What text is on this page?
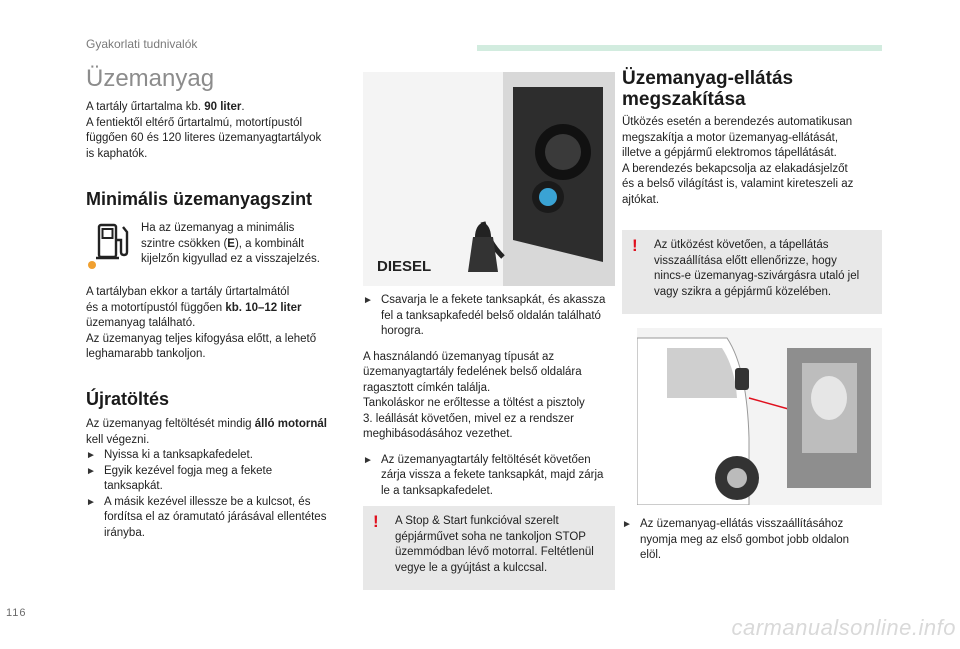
Gyakorlati tudnivalók
Üzemanyag

A tartály űrtartalma kb. 90 liter.

A fentiektől eltérő űrtartalmú, motortípustól

függően 60 és 120 literes üzemanyagtartályok

is kaphatók.

Minimális üzemanyagszint

Ha az üzemanyag a minimális

szintre csökken (E), a kombinált

kijelzőn kigyullad ez a visszajelzés.

A tartályban ekkor a tartály űrtartalmától

és a motortípustól függően kb. 10–12 liter

üzemanyag található.

Az üzemanyag teljes kifogyása előtt, a lehető

leghamarabb tankoljon.

Újratöltés

Az üzemanyag feltöltését mindig álló motornál

kell végezni.

► Nyissa ki a tanksapkafedelet.

► Egyik kezével fogja meg a fekete

tanksapkát.

► A másik kezével illessze be a kulcsot, és

fordítsa el az óramutató járásával ellentétes

irányba.

DIESEL
► Csavarja le a fekete tanksapkát, és akassza

fel a tanksapkafedél belső oldalán található

horogra.

A használandó üzemanyag típusát az

üzemanyagtartály fedelének belső oldalára

ragasztott címkén találja.

Tankoláskor ne erőltesse a töltést a pisztoly

3. leállását követően, mivel ez a rendszer

meghibásodásához vezethet.

► Az üzemanyagtartály feltöltését követően

zárja vissza a fekete tanksapkát, majd zárja

le a tanksapkafedelet.

! A Stop & Start funkcióval szerelt

gépjárművet soha ne tankoljon STOP

üzemmódban lévő motorral. Feltétlenül

vegye le a gyújtást a kulccsal.

Üzemanyag-ellátás
megszakítása

Ütközés esetén a berendezés automatikusan

megszakítja a motor üzemanyag-ellátását,

illetve a gépjármű elektromos tápellátását.

A berendezés bekapcsolja az elakadásjelzőt

és a belső világítást is, valamint kireteszeli az

ajtókat.

! Az ütközést követően, a tápellátás

visszaállítása előtt ellenőrizze, hogy

nincs-e üzemanyag-szivárgásra utaló jel

vagy szikra a gépjármű közelében.

► Az üzemanyag-ellátás visszaállításához

nyomja meg az első gombot jobb oldalon

elöl.

116
carmanualsonline.info
